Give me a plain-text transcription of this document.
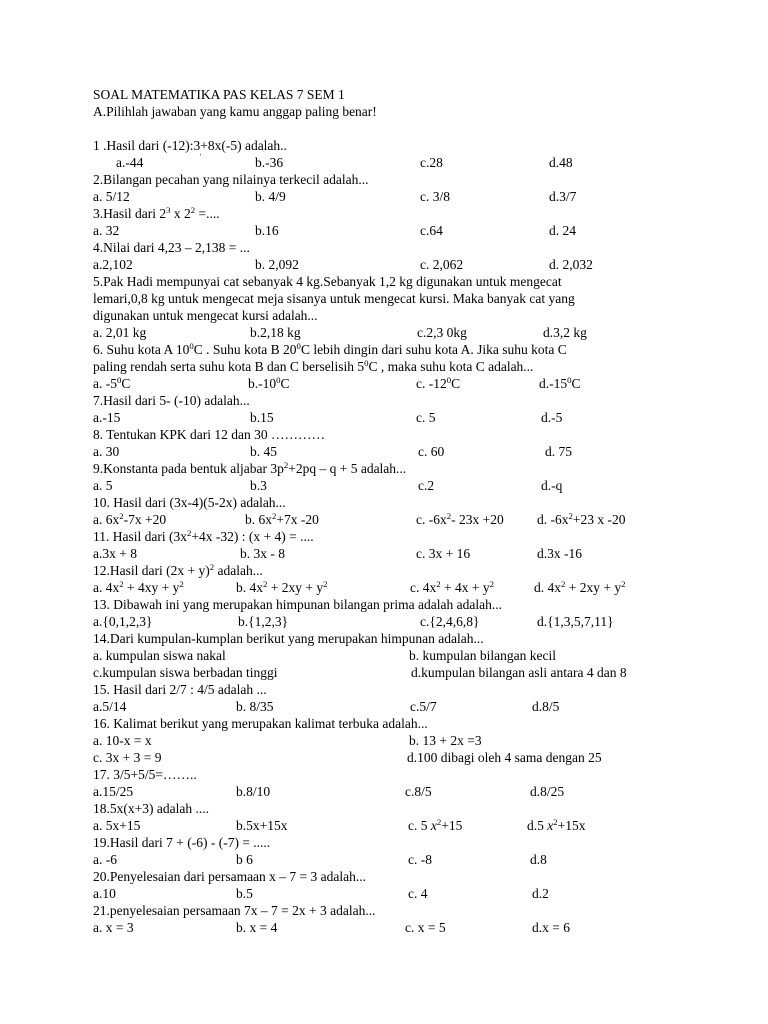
SOAL MATEMATIKA PAS KELAS 7 SEM 1
A.Pilihlah jawaban yang kamu anggap paling benar!
1 .Hasil dari (-12):3+8x(-5) adalah..
a.-44	b.-36	c.28	d.48
ˈ
2.Bilangan pecahan yang nilainya terkecil adalah...
a. 5/12	b. 4/9	c. 3/8	d.3/7
3.Hasil dari $2^3$ x $2^2$ =....
a. 32	b.16	c.64	d. 24
4.Nilai dari 4,23 – 2,138 = ...
a.2,102	b. 2,092	c. 2,062	d. 2,032
5.Pak Hadi mempunyai cat sebanyak 4 kg.Sebanyak 1,2 kg digunakan untuk mengecat
lemari,0,8 kg untuk mengecat meja sisanya untuk mengecat kursi. Maka banyak cat yang
digunakan untuk mengecat kursi adalah...
a. 2,01 kg	b.2,18 kg	c.2,3 0kg	d.3,2 kg
6. Suhu kota A $10^0C$ . Suhu kota B $20^0C$ lebih dingin dari suhu kota A. Jika suhu kota C
paling rendah serta suhu kota B dan C berselisih $5^0C$ , maka suhu kota C adalah...
a. $-5^0C$	$b.-10^0C$	c. $-12^0C$	$d.-15^0C$
7.Hasil dari 5- (-10) adalah...
a.-15	b.15	c. 5	d.-5
8. Tentukan KPK dari 12 dan 30 …………
a. 30	b. 45	c. 60	d. 75
9.Konstanta pada bentuk aljabar $3p^2+2pq - q + 5$ adalah...
a. 5	b.3	c.2	d.-q
10. Hasil dari (3x-4)(5-2x) adalah...
a. $6x^2-7x +20$	b. $6x^2+7x$ -20	c. $-6x^2-$ 23x +20 d. $-6x^2+23$ x -20
11. Hasil dari ($3x^2+4x$ -32) : (x + 4) = ....
a.3x + 8	b. 3x - 8	c. 3x + 16	d.3x -16
12.Hasil dari $(2x + y)^2$ adalah...
a. $4x^2 + 4xy + y^2$	b. $4x^2 + 2xy + y^2$	c. $4x^2 + 4x + y^2$	d. $4x^2 + 2xy + y^2$
13. Dibawah ini yang merupakan himpunan bilangan prima adalah adalah...
a.{0,1,2,3}	b.{1,2,3}	c.{2,4,6,8}	d.{1,3,5,7,11}
14.Dari kumpulan-kumplan berikut yang merupakan himpunan adalah...
a. kumpulan siswa nakal	b. kumpulan bilangan kecil
c.kumpulan siswa berbadan tinggi	d.kumpulan bilangan asli antara 4 dan 8
15. Hasil dari 2/7 : 4/5 adalah ...
a.5/14	b. 8/35	c.5/7	d.8/5
16. Kalimat berikut yang merupakan kalimat terbuka adalah...
a. 10-x = x	b. 13 + 2x =3
c. 3x + 3 = 9	d.100 dibagi oleh 4 sama dengan 25
17. 3/5+5/5=……..
a.15/25	b.8/10	c.8/5	d.8/25
18.5x(x+3) adalah ....
a. 5x+15	b.5x+15x	c. 5 $x^2+15$	d.5 $x^2+15x$
19.Hasil dari 7 + (-6) - (-7) = .....
a. -6	b 6	c. -8	d.8
20.Penyelesaian dari persamaan x – 7 = 3 adalah...
a.10	b.5	c. 4	d.2
21.penyelesaian persamaan 7x – 7 = 2x + 3 adalah...
a. x = 3	b. x = 4	c. x = 5	d.x = 6
